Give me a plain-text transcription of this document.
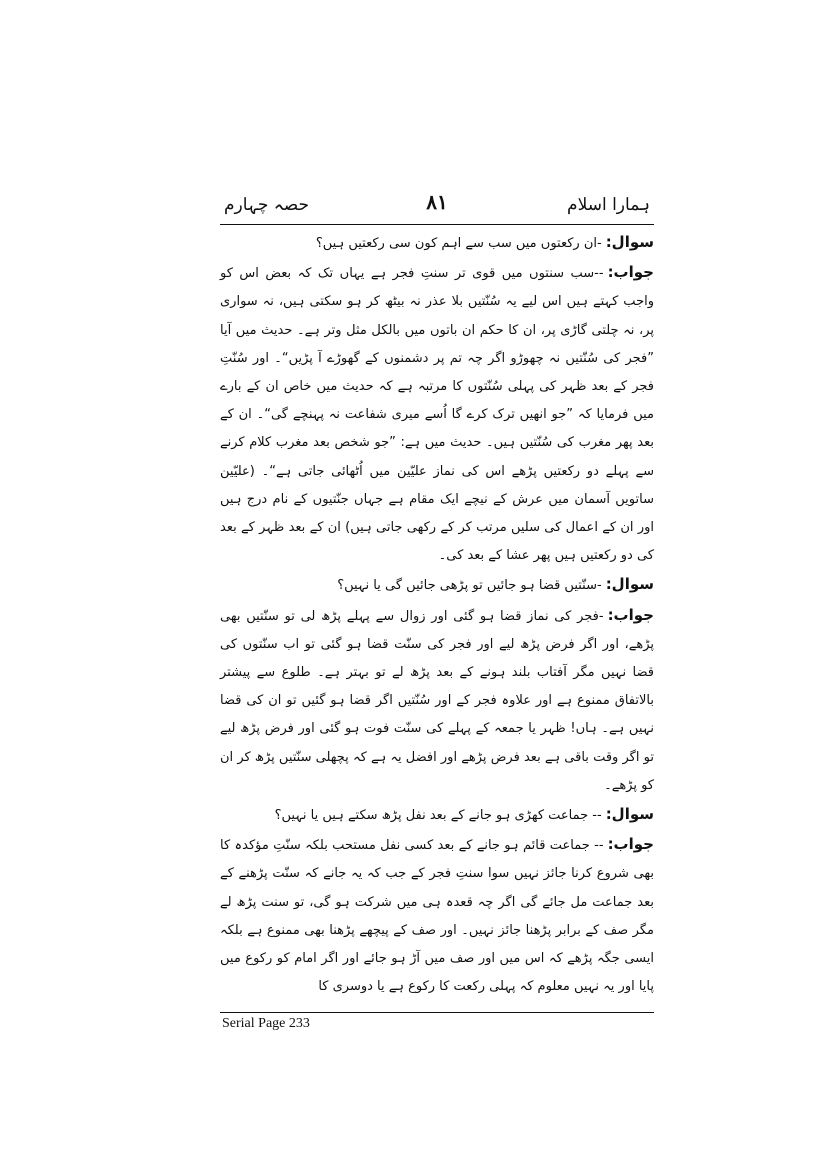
حصہ چہارم	۸۱	ہمارا اسلام

سوال:-ان رکعتوں میں سب سے اہم کون سی رکعتیں ہیں؟

جواب:--سب سنتوں میں قوی تر سنتِ فجر ہے یہاں تک کہ بعض اس کو واجب کہتے ہیں اس لیے یہ سُنّتیں بلا عذر نہ بیٹھ کر ہو سکتی ہیں، نہ سواری پر، نہ چلتی گاڑی پر، ان کا حکم ان باتوں میں بالکل مثل وتر ہے۔ حدیث میں آیا ”فجر کی سُنّتیں نہ چھوڑو اگر چہ تم پر دشمنوں کے گھوڑے آ پڑیں“۔ اور سُنّتِ فجر کے بعد ظہر کی پہلی سُنّتوں کا مرتبہ ہے کہ حدیث میں خاص ان کے بارے میں فرمایا کہ ”جو انھیں ترک کرے گا اُسے میری شفاعت نہ پہنچے گی“۔ ان کے بعد پھر مغرب کی سُنّتیں ہیں۔ حدیث میں ہے: ”جو شخص بعد مغرب کلام کرنے سے پہلے دو رکعتیں پڑھے اس کی نماز علیّین میں اُٹھائی جاتی ہے“۔ (علیّین ساتویں آسمان میں عرش کے نیچے ایک مقام ہے جہاں جنّتیوں کے نام درج ہیں اور ان کے اعمال کی سلیں مرتب کر کے رکھی جاتی ہیں) ان کے بعد ظہر کے بعد کی دو رکعتیں ہیں پھر عشا کے بعد کی۔

سوال:-سنّتیں قضا ہو جائیں تو پڑھی جائیں گی یا نہیں؟

جواب:-فجر کی نماز قضا ہو گئی اور زوال سے پہلے پڑھ لی تو سنّتیں بھی پڑھے، اور اگر فرض پڑھ لیے اور فجر کی سنّت قضا ہو گئی تو اب سنّتوں کی قضا نہیں مگر آفتاب بلند ہونے کے بعد پڑھ لے تو بہتر ہے۔ طلوع سے پیشتر بالاتفاق ممنوع ہے اور علاوہ فجر کے اور سُنّتیں اگر قضا ہو گئیں تو ان کی قضا نہیں ہے۔ ہاں! ظہر یا جمعہ کے پہلے کی سنّت فوت ہو گئی اور فرض پڑھ لیے تو اگر وقت باقی ہے بعد فرض پڑھے اور افضل یہ ہے کہ پچھلی سنّتیں پڑھ کر ان کو پڑھے۔

سوال:-- جماعت کھڑی ہو جانے کے بعد نفل پڑھ سکتے ہیں یا نہیں؟

جواب:-- جماعت قائم ہو جانے کے بعد کسی نفل مستحب بلکہ سنّتِ مؤکدہ کا بھی شروع کرنا جائز نہیں سوا سنتِ فجر کے جب کہ یہ جانے کہ سنّت پڑھنے کے بعد جماعت مل جائے گی اگر چہ قعدہ ہی میں شرکت ہو گی، تو سنت پڑھ لے مگر صف کے برابر پڑھنا جائز نہیں۔ اور صف کے پیچھے پڑھنا بھی ممنوع ہے بلکہ ایسی جگہ پڑھے کہ اس میں اور صف میں آڑ ہو جائے اور اگر امام کو رکوع میں پایا اور یہ نہیں معلوم کہ پہلی رکعت کا رکوع ہے یا دوسری کا

Serial Page 233
